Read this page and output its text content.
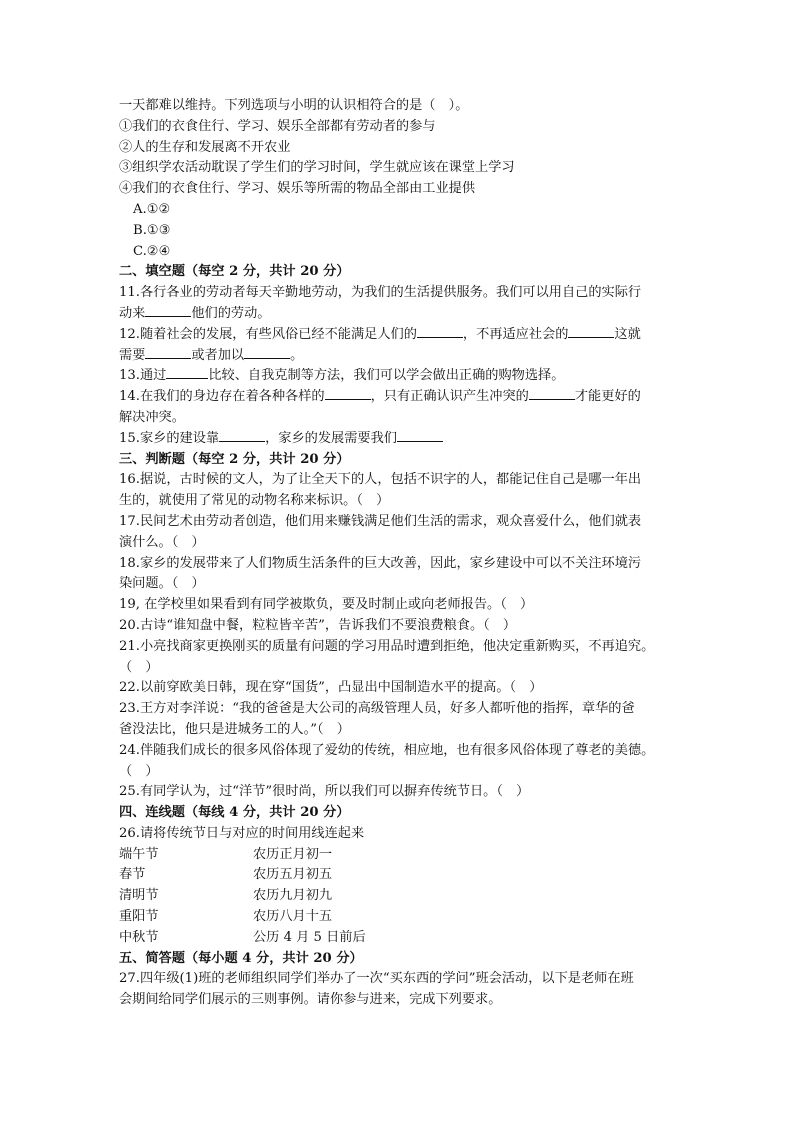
一天都难以维持。下列选项与小明的认识相符合的是（　）。
①我们的衣食住行、学习、娱乐全部都有劳动者的参与
②人的生存和发展离不开农业
③组织学农活动耽误了学生们的学习时间，学生就应该在课堂上学习
④我们的衣食住行、学习、娱乐等所需的物品全部由工业提供
A.①②
B.①③
C.②④
二、填空题（每空 2 分，共计 20 分）
11.各行各业的劳动者每天辛勤地劳动，为我们的生活提供服务。我们可以用自己的实际行
动来	他们的劳动。
12.随着社会的发展，有些风俗已经不能满足人们的	，不再适应社会的	这就
需要	或者加以	。
13.通过	比较、自我克制等方法，我们可以学会做出正确的购物选择。
14.在我们的身边存在着各种各样的	，只有正确认识产生冲突的	才能更好的
解决冲突。
15.家乡的建设靠	，家乡的发展需要我们
三、判断题（每空 2 分，共计 20 分）
16.据说，古时候的文人，为了让全天下的人，包括不识字的人，都能记住自己是哪一年出
生的，就使用了常见的动物名称来标识。（　）
17.民间艺术由劳动者创造，他们用来赚钱满足他们生活的需求，观众喜爱什么，他们就表
演什么。（　）
18.家乡的发展带来了人们物质生活条件的巨大改善，因此，家乡建设中可以不关注环境污
染问题。（　）
19, 在学校里如果看到有同学被欺负，要及时制止或向老师报告。（　）
20.古诗“谁知盘中餐，粒粒皆辛苦”，告诉我们不要浪费粮食。（　）
21.小亮找商家更换刚买的质量有问题的学习用品时遭到拒绝，他决定重新购买，不再追究。
（　）
22.以前穿欧美日韩，现在穿“国货”，凸显出中国制造水平的提高。（　）
23.王方对李洋说：“我的爸爸是大公司的高级管理人员，好多人都听他的指挥，章华的爸
爸没法比，他只是进城务工的人。”（　）
24.伴随我们成长的很多风俗体现了爱幼的传统，相应地，也有很多风俗体现了尊老的美德。
（　）
25.有同学认为，过“洋节”很时尚，所以我们可以摒弃传统节日。（　）
四、连线题（每线 4 分，共计 20 分）
26.请将传统节日与对应的时间用线连起来
端午节	农历正月初一
春节	农历五月初五
清明节	农历九月初九
重阳节	农历八月十五
中秋节	公历 4 月 5 日前后
五、简答题（每小题 4 分，共计 20 分）
27.四年级(1)班的老师组织同学们举办了一次“买东西的学问”班会活动，以下是老师在班
会期间给同学们展示的三则事例。请你参与进来，完成下列要求。
